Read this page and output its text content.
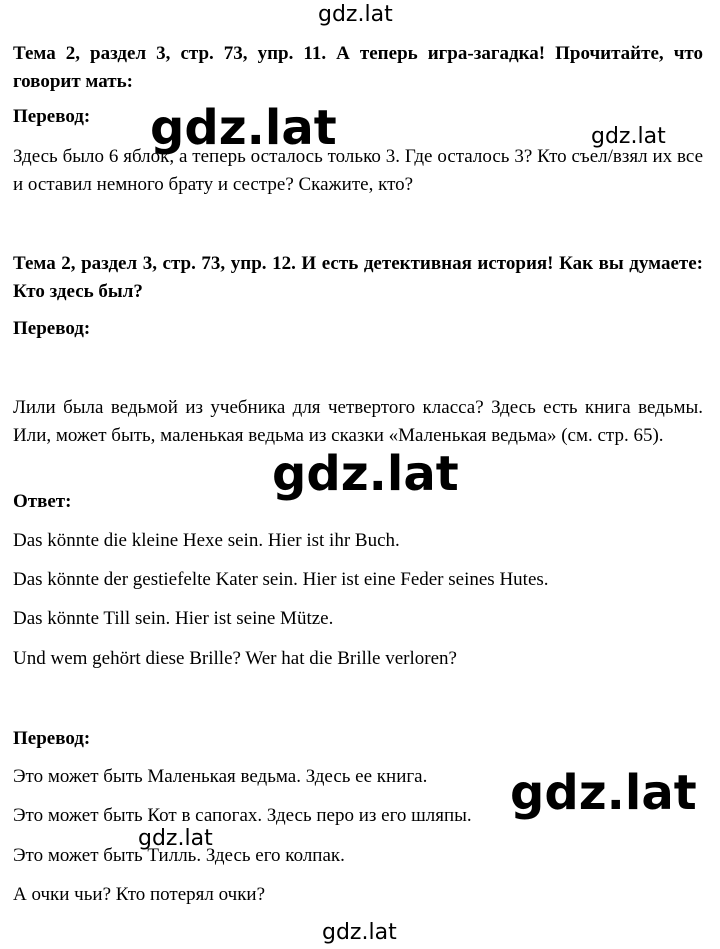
gdz.lat
gdz.lat	gdz.lat
gdz.lat
gdz.lat
gdz.lat
gdz.lat

Тема 2, раздел 3, стр. 73, упр. 11. А теперь игра-загадка! Прочитайте, что говорит мать:

Перевод:

Здесь было 6 яблок, а теперь осталось только 3. Где осталось 3? Кто съел/взял их все и оставил немного брату и сестре? Скажите, кто?

Тема 2, раздел 3, стр. 73, упр. 12. И есть детективная история! Как вы думаете: Кто здесь был?

Перевод:

Лили была ведьмой из учебника для четвертого класса? Здесь есть книга ведьмы. Или, может быть, маленькая ведьма из сказки «Маленькая ведьма» (см. стр. 65).

Ответ:

Das könnte die kleine Hexe sein. Hier ist ihr Buch.

Das könnte der gestiefelte Kater sein. Hier ist eine Feder seines Hutes.

Das könnte Till sein. Hier ist seine Mütze.

Und wem gehört diese Brille? Wer hat die Brille verloren?

Перевод:

Это может быть Маленькая ведьма. Здесь ее книга.

Это может быть Кот в сапогах. Здесь перо из его шляпы.

Это может быть Тилль. Здесь его колпак.

А очки чьи? Кто потерял очки?
